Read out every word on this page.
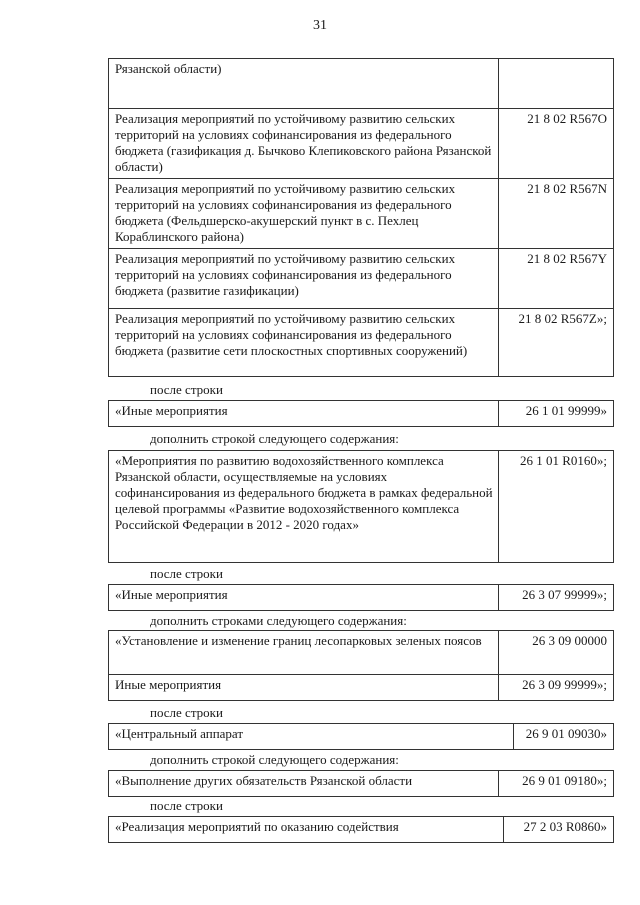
31
Рязанской области)	
Реализация мероприятий по устойчивому развитию сельских территорий на условиях софинансирования из федерального бюджета (газификация д. Бычково Клепиковского района Рязанской области)	21 8 02 R567O
Реализация мероприятий по устойчивому развитию сельских территорий на условиях софинансирования из федерального бюджета (Фельдшерско-акушерский пункт в с. Пехлец Кораблинского района)	21 8 02 R567N
Реализация мероприятий по устойчивому развитию сельских территорий на условиях софинансирования из федерального бюджета (развитие газификации)	21 8 02 R567Y
Реализация мероприятий по устойчивому развитию сельских территорий на условиях софинансирования из федерального бюджета (развитие сети плоскостных спортивных сооружений)	21 8 02 R567Z»;
после строки
«Иные мероприятия	26 1 01 99999»
дополнить строкой следующего содержания:
«Мероприятия по развитию водохозяйственного комплекса Рязанской области, осуществляемые на условиях софинансирования из федерального бюджета в рамках федеральной целевой программы «Развитие водохозяйственного комплекса Российской Федерации в 2012 - 2020 годах»	26 1 01 R0160»;
после строки
«Иные мероприятия	26 3 07 99999»;
дополнить строками следующего содержания:
«Установление и изменение границ лесопарковых зеленых поясов	26 3 09 00000
Иные мероприятия	26 3 09 99999»;
после строки
«Центральный аппарат	26 9 01 09030»
дополнить строкой следующего содержания:
«Выполнение других обязательств Рязанской области	26 9 01 09180»;
после строки
«Реализация мероприятий по оказанию содействия	27 2 03 R0860»
